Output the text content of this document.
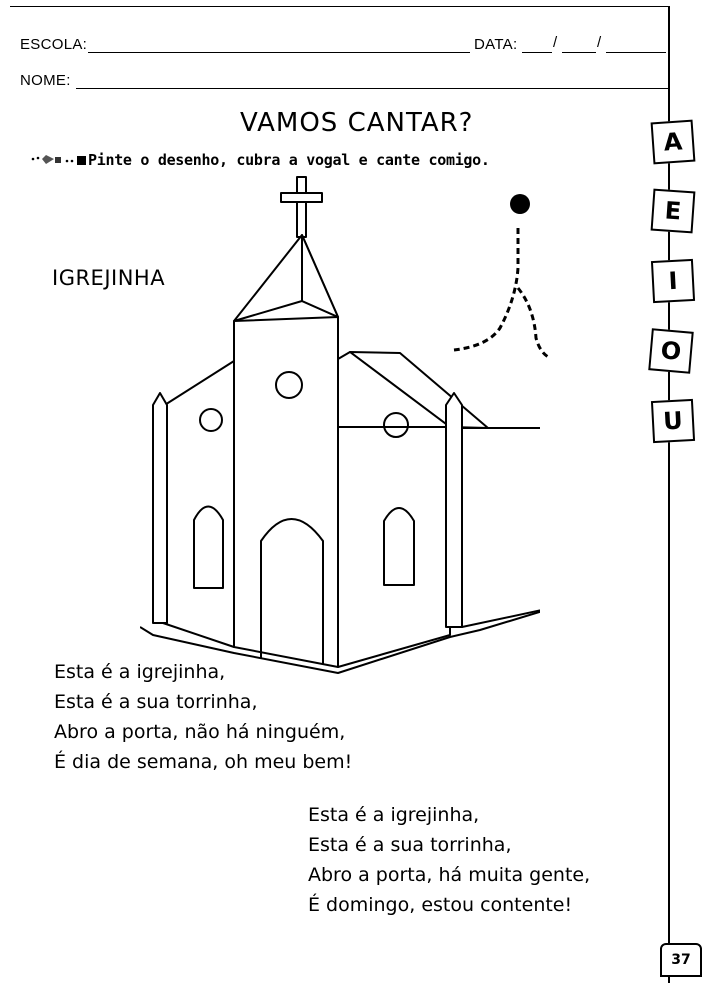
ESCOLA:	DATA: /	/
NOME:
VAMOS CANTAR?
Pinte o desenho, cubra a vogal e cante comigo.
IGREJINHA
A
E
I
O
U
Esta é a igrejinha,
Esta é a sua torrinha,
Abro a porta, não há ninguém,
É dia de semana, oh meu bem!
Esta é a igrejinha,
Esta é a sua torrinha,
Abro a porta, há muita gente,
É domingo, estou contente!
37
